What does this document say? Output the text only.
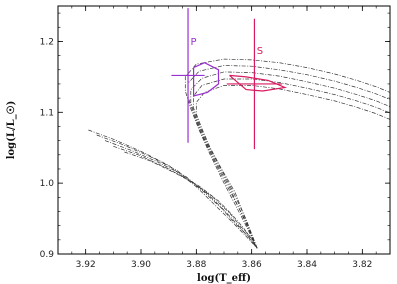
P
S
3.92	3.90	3.88	3.86	3.84	3.82
0.9
1.0
1.1
1.2
log(T_eff)
log(L/L_☉)
